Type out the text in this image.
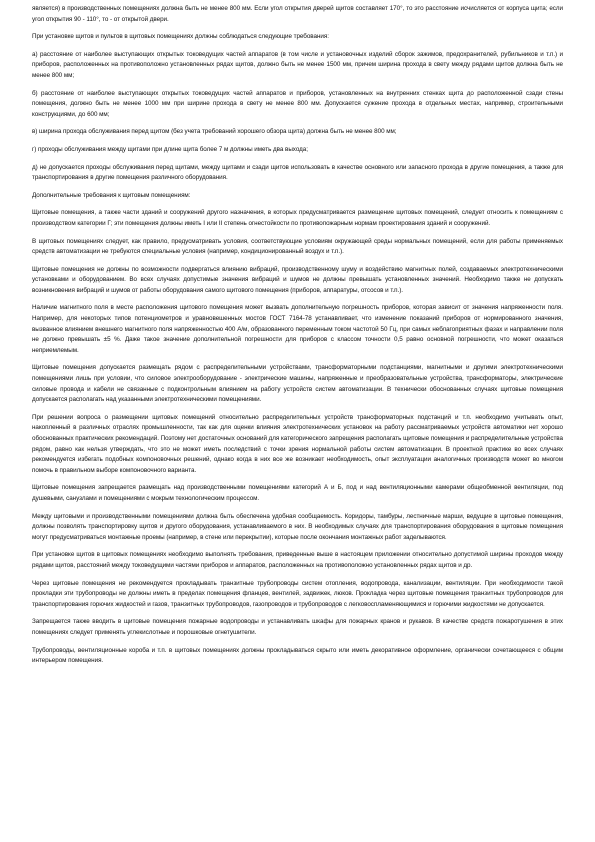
является) в производственных помещениях должна быть не менее 800 мм. Если угол открытия дверей щитов составляет 170°, то это расстояние исчисляется от корпуса щита; если угол открытия 90 - 110°, то - от открытой двери.

При установке щитов и пультов в щитовых помещениях должны соблюдаться следующие требования:

а) расстояние от наиболее выступающих открытых токоведущих частей аппаратов (в том числе и установочных изделий сборок зажимов, предохранителей, рубильников и т.п.) и приборов, расположенных на противоположно установленных рядах щитов, должно быть не менее 1500 мм, причем ширина прохода в свету между рядами щитов должна быть не менее 800 мм;

б) расстояние от наиболее выступающих открытых токоведущих частей аппаратов и приборов, установленных на внутренних стенках щита до расположенной сзади стены помещения, должно быть не менее 1000 мм при ширине прохода в свету не менее 800 мм. Допускается сужение прохода в отдельных местах, например, строительными конструкциями, до 600 мм;

в) ширина прохода обслуживания перед щитом (без учета требований хорошего обзора щита) должна быть не менее 800 мм;

г) проходы обслуживания между щитами при длине щита более 7 м должны иметь два выхода;

д) не допускается проходы обслуживания перед щитами, между щитами и сзади щитов использовать в качестве основного или запасного прохода в другие помещения, а также для транспортирования в другие помещения различного оборудования.

Дополнительные требования к щитовым помещениям:

Щитовые помещения, а также части зданий и сооружений другого назначения, в которых предусматривается размещение щитовых помещений, следует относить к помещениям с производством категории Г; эти помещения должны иметь I или II степень огнестойкости по противопожарным нормам проектирования зданий и сооружений.

В щитовых помещениях следует, как правило, предусматривать условия, соответствующие условиям окружающей среды нормальных помещений, если для работы применяемых средств автоматизации не требуются специальные условия (например, кондиционированный воздух и т.п.).

Щитовые помещения не должны по возможности подвергаться влиянию вибраций, производственному шуму и воздействию магнитных полей, создаваемых электротехническими установками и оборудованием. Во всех случаях допустимые значения вибраций и шумов не должны превышать установленных значений. Необходимо также не допускать возникновения вибраций и шумов от работы оборудования самого щитового помещения (приборов, аппаратуры, отсосов и т.п.).

Наличие магнитного поля в месте расположения щитового помещения может вызвать дополнительную погрешность приборов, которая зависит от значения напряженности поля. Например, для некоторых типов потенциометров и уравновешенных мостов ГОСТ 7164-78 устанавливает, что изменение показаний приборов от нормированного значения, вызванное влиянием внешнего магнитного поля напряженностью 400 А/м, образованного переменным током частотой 50 Гц, при самых неблагоприятных фазах и направлении поля не должно превышать ±5 %. Даже такое значение дополнительной погрешности для приборов с классом точности 0,5 равно основной погрешности, что может оказаться неприемлемым.

Щитовые помещения допускается размещать рядом с распределительными устройствами, трансформаторными подстанциями, магнитными и другими электротехническими помещениями лишь при условии, что силовое электрооборудование - электрические машины, напряженные и преобразовательные устройства, трансформаторы, электрические силовые провода и кабели не связанные с подконтрольным влиянием на работу устройств систем автоматизации. В технически обоснованных случаях щитовые помещения допускается располагать над указанными электротехническими помещениями.

При решении вопроса о размещении щитовых помещений относительно распределительных устройств трансформаторных подстанций и т.п. необходимо учитывать опыт, накопленный в различных отраслях промышленности, так как для оценки влияния электротехнических установок на работу рассматриваемых устройств автоматики нет хорошо обоснованных практических рекомендаций. Поэтому нет достаточных оснований для категорического запрещения располагать щитовые помещения и распределительные устройства рядом, равно как нельзя утверждать, что это не может иметь последствий с точки зрения нормальной работы систем автоматизации. В проектной практике во всех случаях рекомендуется избегать подобных компоновочных решений, однако когда в них все же возникает необходимость, опыт эксплуатации аналогичных производств может во многом помочь в правильном выборе компоновочного варианта.

Щитовые помещения запрещается размещать над производственными помещениями категорий А и Б, под и над вентиляционными камерами общеобменной вентиляции, под душевыми, санузлами и помещениями с мокрым технологическим процессом.

Между щитовыми и производственными помещениями должна быть обеспечена удобная сообщаемость. Коридоры, тамбуры, лестничные марши, ведущие в щитовые помещения, должны позволять транспортировку щитов и другого оборудования, устанавливаемого в них. В необходимых случаях для транспортирования оборудования в щитовые помещения могут предусматриваться монтажные проемы (например, в стене или перекрытии), которые после окончания монтажных работ заделываются.

При установке щитов в щитовых помещениях необходимо выполнять требования, приведенные выше в настоящем приложении относительно допустимой ширины проходов между рядами щитов, расстояний между токоведущими частями приборов и аппаратов, расположенных на противоположно установленных рядах щитов и др.

Через щитовые помещения не рекомендуется прокладывать транзитные трубопроводы систем отопления, водопровода, канализации, вентиляции. При необходимости такой прокладки эти трубопроводы не должны иметь в пределах помещения фланцев, вентилей, задвижек, люков. Прокладка через щитовые помещения транзитных трубопроводов для транспортирования горючих жидкостей и газов, транзитных трубопроводов, газопроводов и трубопроводов с легковоспламеняющимися и горючими жидкостями не допускается.

Запрещается также вводить в щитовые помещения пожарные водопроводы и устанавливать шкафы для пожарных кранов и рукавов. В качестве средств пожаротушения в этих помещениях следует применять углекислотные и порошковые огнетушители.

Трубопроводы, вентиляционные короба и т.п. в щитовых помещениях должны прокладываться скрыто или иметь декоративное оформление, органически сочетающееся с общим интерьером помещения.
